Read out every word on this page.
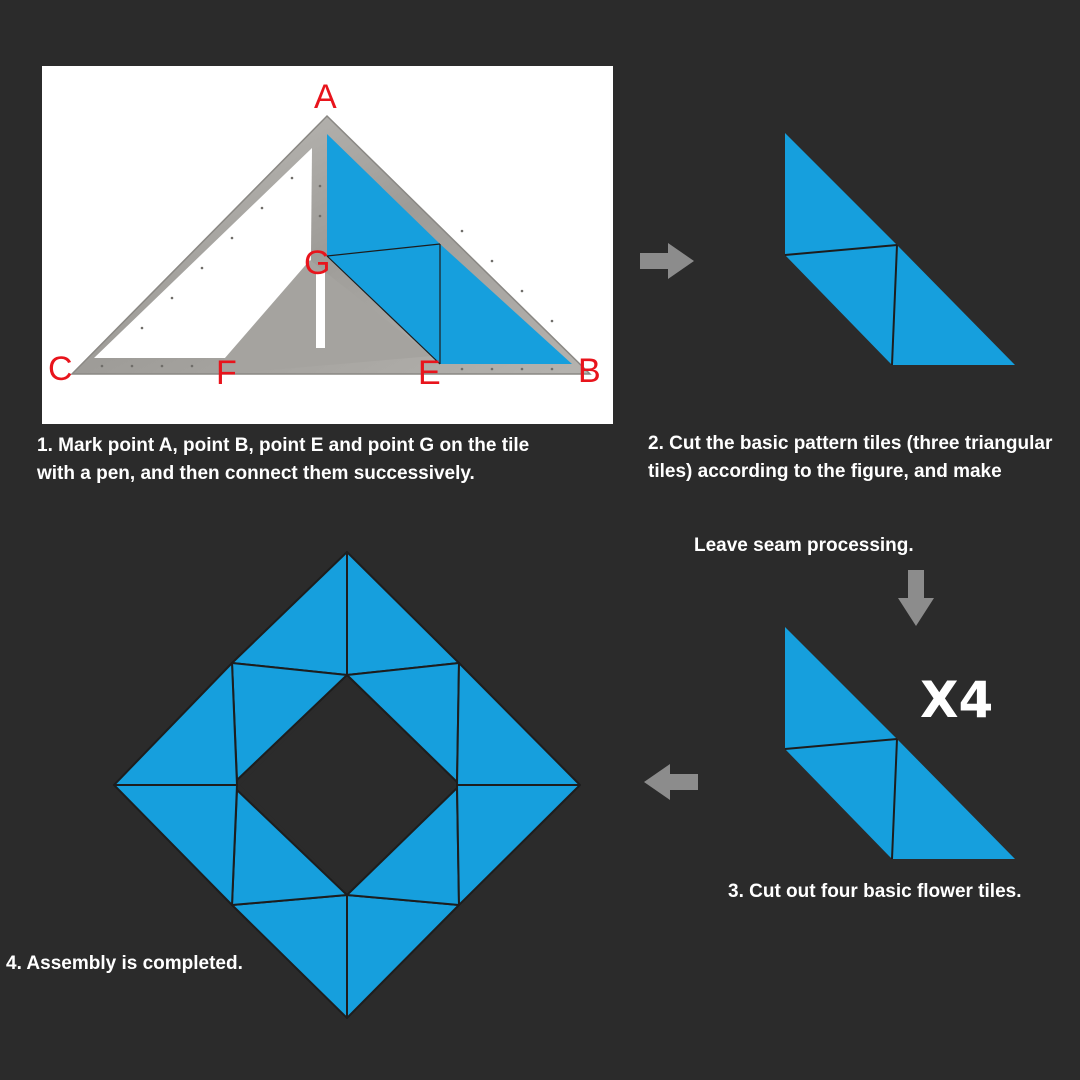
A
G
C	F	E	B
1. Mark point A, point B, point E and point G on the tile
with a pen, and then connect them successively.
2. Cut the basic pattern tiles (three triangular
tiles) according to the figure, and make
Leave seam processing.
X4
3. Cut out four basic flower tiles.
4. Assembly is completed.
